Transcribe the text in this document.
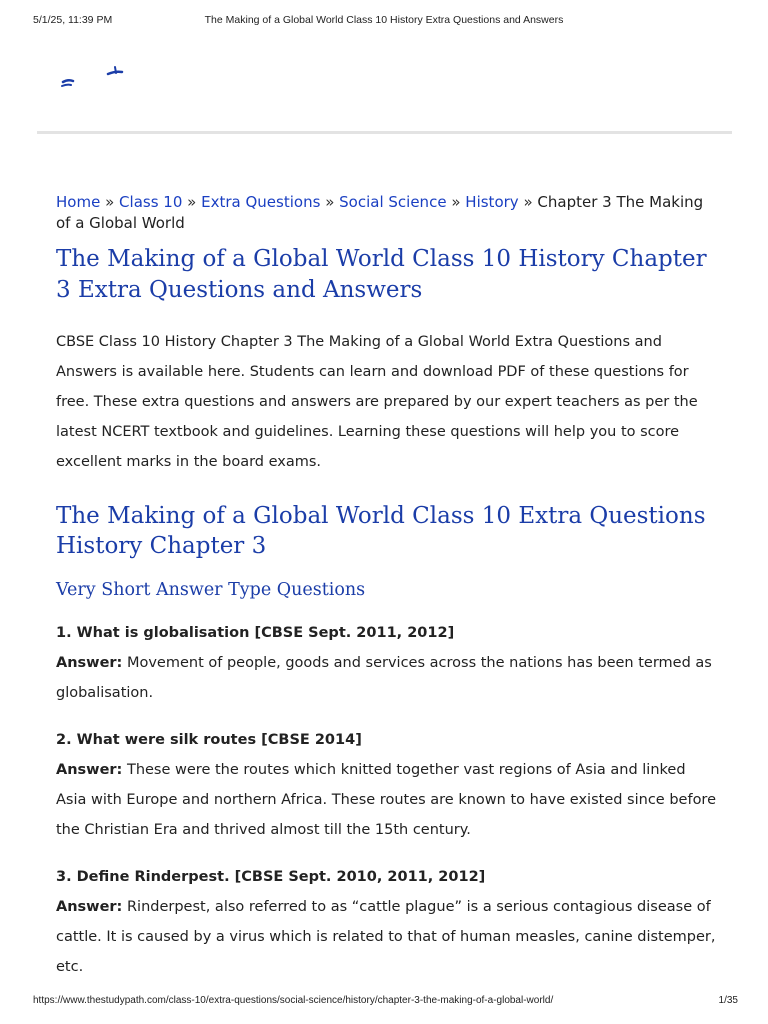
5/1/25, 11:39 PM	The Making of a Global World Class 10 History Extra Questions and Answers

Home » Class 10 » Extra Questions » Social Science » History » Chapter 3 The Making of a Global World

The Making of a Global World Class 10 History Chapter 3 Extra Questions and Answers

CBSE Class 10 History Chapter 3 The Making of a Global World Extra Questions and Answers is available here. Students can learn and download PDF of these questions for free. These extra questions and answers are prepared by our expert teachers as per the latest NCERT textbook and guidelines. Learning these questions will help you to score excellent marks in the board exams.

The Making of a Global World Class 10 Extra Questions History Chapter 3
Very Short Answer Type Questions

1. What is globalisation [CBSE Sept. 2011, 2012]

Answer: Movement of people, goods and services across the nations has been termed as globalisation.

2. What were silk routes [CBSE 2014]

Answer: These were the routes which knitted together vast regions of Asia and linked Asia with Europe and northern Africa. These routes are known to have existed since before the Christian Era and thrived almost till the 15th century.

3. Define Rinderpest. [CBSE Sept. 2010, 2011, 2012]

Answer: Rinderpest, also referred to as “cattle plague” is a serious contagious disease of cattle. It is caused by a virus which is related to that of human measles, canine distemper, etc.

https://www.thestudypath.com/class-10/extra-questions/social-science/history/chapter-3-the-making-of-a-global-world/	1/35
